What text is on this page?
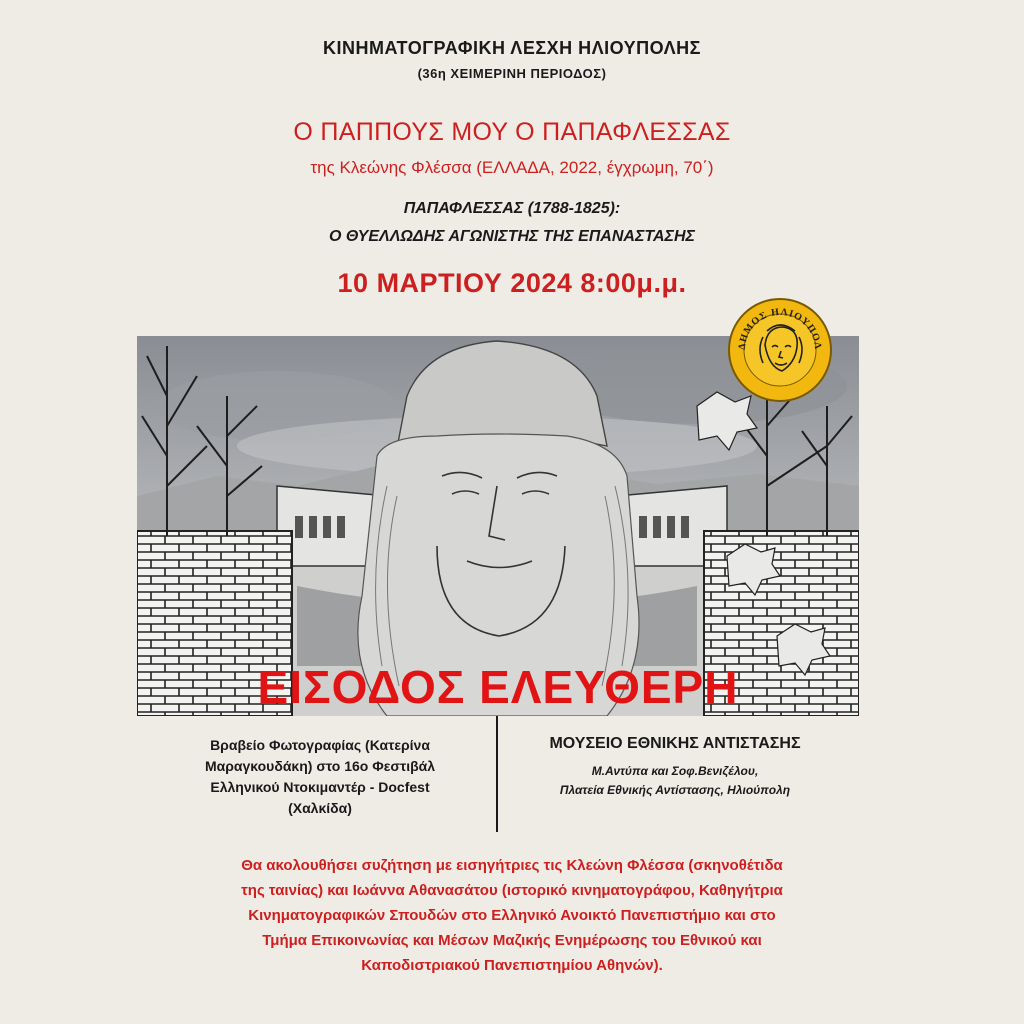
ΚΙΝΗΜΑΤΟΓΡΑΦΙΚΗ ΛΕΣΧΗ ΗΛΙΟΥΠΟΛΗΣ
(36η ΧΕΙΜΕΡΙΝΗ ΠΕΡΙΟΔΟΣ)
Ο ΠΑΠΠΟΥΣ ΜΟΥ Ο ΠΑΠΑΦΛΕΣΣΑΣ
της Κλεώνης Φλέσσα (ΕΛΛΑΔΑ, 2022, έγχρωμη, 70΄)
ΠΑΠΑΦΛΕΣΣΑΣ (1788-1825):
Ο ΘΥΕΛΛΩΔΗΣ ΑΓΩΝΙΣΤΗΣ ΤΗΣ ΕΠΑΝΑΣΤΑΣΗΣ
10 ΜΑΡΤΙΟΥ 2024 8:00μ.μ.
ΕΙΣΟΔΟΣ ΕΛΕΥΘΕΡΗ
ΔΗΜΟΣ ΗΛΙΟΥΠΟΛ
Βραβείο Φωτογραφίας (Κατερίνα
Μαραγκουδάκη) στο 16ο Φεστιβάλ
Ελληνικού Ντοκιμαντέρ - Docfest
(Χαλκίδα)
ΜΟΥΣΕΙΟ ΕΘΝΙΚΗΣ ΑΝΤΙΣΤΑΣΗΣ
Μ.Αντύπα και Σοφ.Βενιζέλου,
Πλατεία Εθνικής Αντίστασης, Ηλιούπολη
Θα ακολουθήσει συζήτηση με εισηγήτριες τις Κλεώνη Φλέσσα (σκηνοθέτιδα
της ταινίας) και Ιωάννα Αθανασάτου (ιστορικό κινηματογράφου, Καθηγήτρια
Κινηματογραφικών Σπουδών στο Ελληνικό Ανοικτό Πανεπιστήμιο και στο
Τμήμα Επικοινωνίας και Μέσων Μαζικής Ενημέρωσης του Εθνικού και
Καποδιστριακού Πανεπιστημίου Αθηνών).
